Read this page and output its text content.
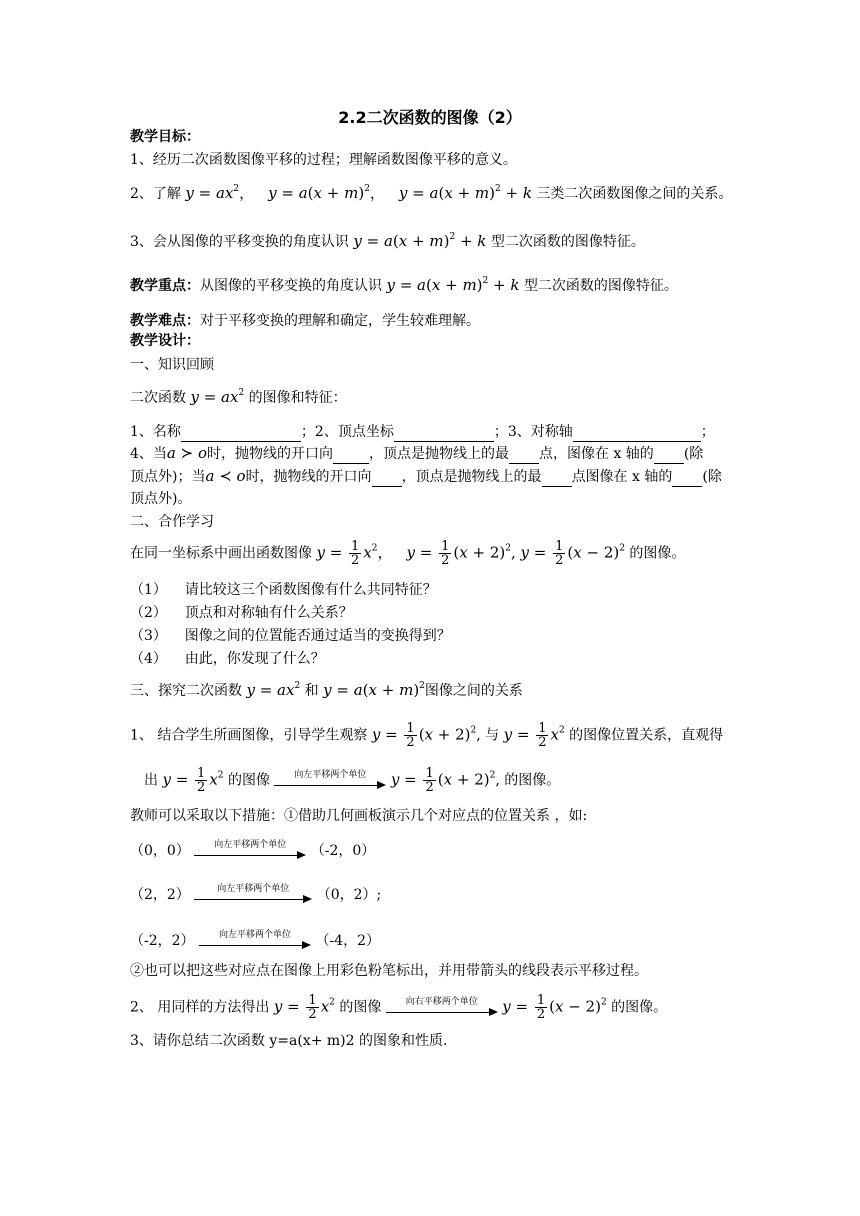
2.2二次函数的图像（2）
教学目标：
1、经历二次函数图像平移的过程；理解函数图像平移的意义。
2、了解 $y = ax^2$，   $y = a(x + m)^2$，   $y = a(x + m)^2 + k$ 三类二次函数图像之间的关系。
3、会从图像的平移变换的角度认识 $y = a(x + m)^2 + k$ 型二次函数的图像特征。
教学重点：从图像的平移变换的角度认识 $y = a(x + m)^2 + k$ 型二次函数的图像特征。
教学难点：对于平移变换的理解和确定，学生较难理解。
教学设计：
一、知识回顾
二次函数 $y = ax^2$ 的图像和特征：
1、名称	；2、顶点坐标	；3、对称轴	；
4、当a ≻ o时，抛物线的开口向	，顶点是抛物线上的最 点，图像在 x 轴的 (除
顶点外)；当a ≺ o时，抛物线的开口向 ，顶点是抛物线上的最 点图像在 x 轴的 (除
顶点外)。
二、合作学习
在同一坐标系中画出函数图像 $y = \frac{1}{2} x^2$，   $y = \frac{1}{2} (x + 2)^2$, $y = \frac{1}{2} (x - 2)^2$ 的图像。
（1） 请比较这三个函数图像有什么共同特征？
（2） 顶点和对称轴有什么关系？
（3） 图像之间的位置能否通过适当的变换得到？
（4） 由此，你发现了什么？
三、探究二次函数 $y = ax^2$ 和 $y = a(x + m)^2$图像之间的关系
1、 结合学生所画图像，引导学生观察 $y = \frac{1}{2} (x + 2)^2$, 与 $y = \frac{1}{2} x^2$ 的图像位置关系，直观得
出 $y = \frac{1}{2} x^2$ 的图像	向左平移两个单位	$y = \frac{1}{2} (x + 2)^2$, 的图像。
教师可以采取以下措施：①借助几何画板演示几个对应点的位置关系 ，如:
（0，0）	向左平移两个单位	（-2，0）
（2，2）	向左平移两个单位	（0，2）;
（-2，2）	向左平移两个单位	（-4，2）
②也可以把这些对应点在图像上用彩色粉笔标出，并用带箭头的线段表示平移过程。
2、 用同样的方法得出 $y = \frac{1}{2} x^2$ 的图像	向右平移两个单位	$y = \frac{1}{2} (x - 2)^2$ 的图像。
3、请你总结二次函数 y=a(x+ m)2 的图象和性质.
